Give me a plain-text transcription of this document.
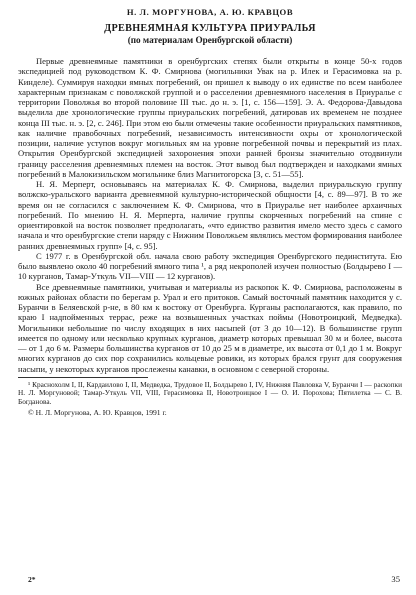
Н. Л. МОРГУНОВА, А. Ю. КРАВЦОВ
ДРЕВНЕЯМНАЯ КУЛЬТУРА ПРИУРАЛЬЯ
(по материалам Оренбургской области)

Первые древнеямные памятники в оренбургских степях были открыты в конце 50-х годов экспедицией под руководством К. Ф. Смирнова (могильники Увак на р. Илек и Герасимовка на р. Кинделе). Суммируя находки ямных погребений, он пришел к выводу о их единстве по всем наиболее характерным признакам с поволжской группой и о расселении древнеямного населения в Приуралье с территории Поволжья во второй половине III тыс. до н. э. [1, с. 156—159]. Э. А. Федорова-Давыдова выделила две хронологические группы приуральских погребений, датировав их временем не позднее конца III тыс. н. э. [2, с. 246]. При этом ею были отмечены такие особенности приуральских памятников, как наличие правобочных погребений, независимость интенсивности охры от хронологической позиции, наличие уступов вокруг могильных ям на уровне погребенной почвы и перекрытий из плах. Открытия Оренбургской экспедицией захоронения эпохи ранней бронзы значительно отодвинули границу расселения древнеямных племен на восток. Этот вывод был подтвержден и находками ямных погребений в Малокизильском могильнике близ Магнитогорска [3, с. 51—55].

Н. Я. Мерперт, основываясь на материалах К. Ф. Смирнова, выделил приуральскую группу волжско-уральского варианта древнеямной культурно-исторической общности [4, с. 89—97]. В то же время он не согласился с заключением К. Ф. Смирнова, что в Приуралье нет наиболее архаичных погребений. По мнению Н. Я. Мерперта, наличие группы скорченных погребений на спине с ориентировкой на восток позволяет предполагать, «что единство развития имело место здесь с самого начала и что оренбургские степи наряду с Нижним Поволжьем являлись местом формирования наиболее ранних древнеямных групп» [4, с. 95].

С 1977 г. в Оренбургской обл. начала свою работу экспедиция Оренбургского пединститута. Ею было выявлено около 40 погребений ямного типа ¹, а ряд некрополей изучен полностью (Болдырево I — 10 курганов, Тамар-Уткуль VII—VIII — 12 курганов).

Все древнеямные памятники, учитывая и материалы из раскопок К. Ф. Смирнова, расположены в южных районах области по берегам р. Урал и его притоков. Самый восточный памятник находится у с. Буранчи в Беляевской р-не, в 80 км к востоку от Оренбурга. Курганы располагаются, как правило, по краю I надпойменных террас, реже на возвышенных участках поймы (Новотроицкий, Медведка). Могильники небольшие по числу входящих в них насыпей (от 3 до 10—12). В большинстве групп имеется по одному или несколько крупных курганов, диаметр которых превышал 30 м и более, высота — от 1 до 6 м. Размеры большинства курганов от 10 до 25 м в диаметре, их высота от 0,1 до 1 м. Вокруг многих курганов до сих пор сохранились кольцевые ровики, из которых брался грунт для сооружения насыпи, у некоторых курганов прослежены канавки, в основном с северной стороны.

¹ Краснохолм I, II, Кардаилово I, II, Медведка, Трудовое II, Болдырево I, IV, Нижняя Павловка V, Буранчи I — раскопки Н. Л. Моргуновой; Тамар-Уткуль VII, VIII, Герасимовка II, Новотроицкое I — О. И. Порохова; Пятилетка — С. В. Богданова.

© Н. Л. Моргунова, А. Ю. Кравцов, 1991 г.
2*	35
